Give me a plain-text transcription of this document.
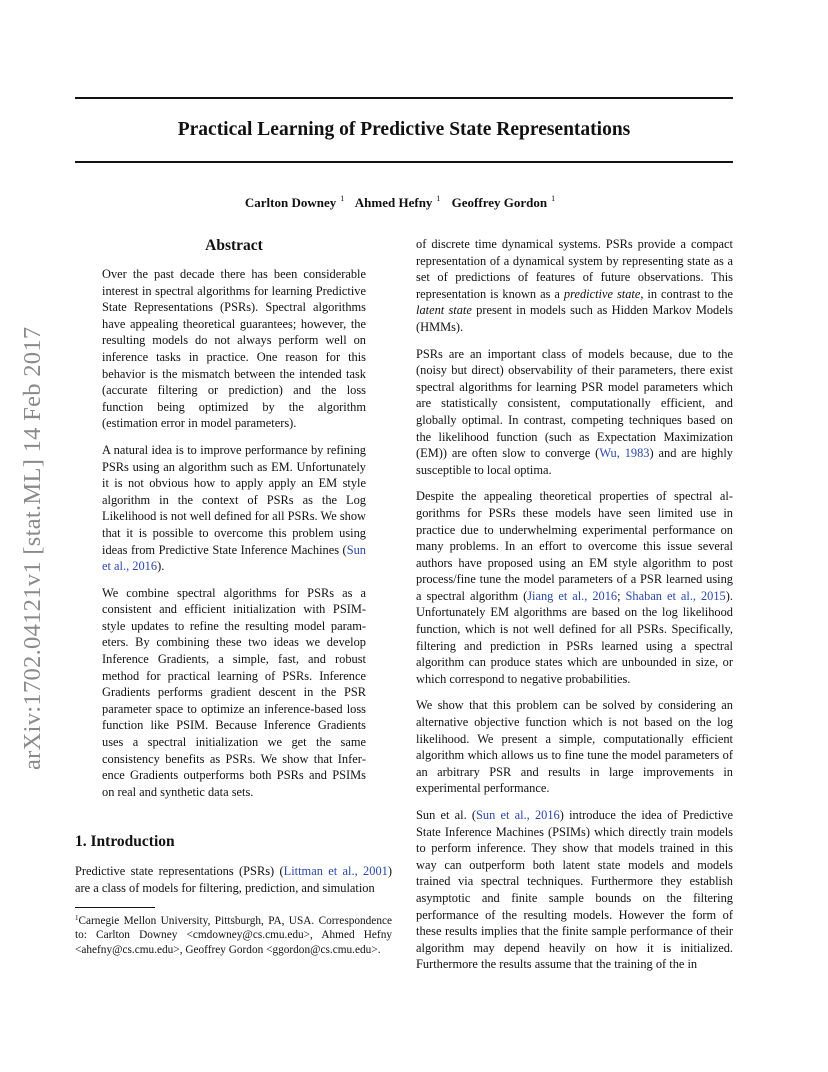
arXiv:1702.04121v1 [stat.ML] 14 Feb 2017
Practical Learning of Predictive State Representations
Carlton Downey $^1$ Ahmed Hefny $^1$ Geoffrey Gordon $^1$
Abstract

Over the past decade there has been considerable interest in spectral algorithms for learning Predictive State Representations (PSRs). Spectral algorithms have appealing theoretical guarantees; however, the resulting models do not always perform well on inference tasks in practice. One reason for this behavior is the mismatch between the intended task (accurate filtering or prediction) and the loss function being optimized by the algorithm (estimation error in model parameters).

A natural idea is to improve performance by refining PSRs using an algorithm such as EM. Unfortunately it is not obvious how to apply apply an EM style algorithm in the context of PSRs as the Log Likelihood is not well defined for all PSRs. We show that it is possible to overcome this problem using ideas from Predictive State Inference Machines (Sun et al., 2016).

We combine spectral algorithms for PSRs as a consistent and efficient initialization with PSIM-style updates to refine the resulting model parameters. By combining these two ideas we develop Inference Gradients, a simple, fast, and robust method for practical learning of PSRs. Inference Gradients performs gradient descent in the PSR parameter space to optimize an inference-based loss function like PSIM. Because Inference Gradients uses a spectral initialization we get the same consistency benefits as PSRs. We show that Inference Gradients outperforms both PSRs and PSIMs on real and synthetic data sets.

1. Introduction

Predictive state representations (PSRs) (Littman et al., 2001) are a class of models for filtering, prediction, and simulation

$^1$Carnegie Mellon University, Pittsburgh, PA, USA. Correspondence to: Carlton Downey <cmdowney@cs.cmu.edu>, Ahmed Hefny <ahefny@cs.cmu.edu>, Geoffrey Gordon <ggordon@cs.cmu.edu>.

of discrete time dynamical systems. PSRs provide a compact representation of a dynamical system by representing state as a set of predictions of features of future observations. This representation is known as a predictive state, in contrast to the latent state present in models such as Hidden Markov Models (HMMs).

PSRs are an important class of models because, due to the (noisy but direct) observability of their parameters, there exist spectral algorithms for learning PSR model parameters which are statistically consistent, computationally efficient, and globally optimal. In contrast, competing techniques based on the likelihood function (such as Expectation Maximization (EM)) are often slow to converge (Wu, 1983) and are highly susceptible to local optima.

Despite the appealing theoretical properties of spectral algorithms for PSRs these models have seen limited use in practice due to underwhelming experimental performance on many problems. In an effort to overcome this issue several authors have proposed using an EM style algorithm to post process/fine tune the model parameters of a PSR learned using a spectral algorithm (Jiang et al., 2016; Shaban et al., 2015). Unfortunately EM algorithms are based on the log likelihood function, which is not well defined for all PSRs. Specifically, filtering and prediction in PSRs learned using a spectral algorithm can produce states which are unbounded in size, or which correspond to negative probabilities.

We show that this problem can be solved by considering an alternative objective function which is not based on the log likelihood. We present a simple, computationally efficient algorithm which allows us to fine tune the model parameters of an arbitrary PSR and results in large improvements in experimental performance.

Sun et al. (Sun et al., 2016) introduce the idea of Predictive State Inference Machines (PSIMs) which directly train models to perform inference. They show that models trained in this way can outperform both latent state models and models trained via spectral techniques. Furthermore they establish asymptotic and finite sample bounds on the filtering performance of the resulting models. However the form of these results implies that the finite sample performance of their algorithm may depend heavily on how it is initialized. Furthermore the results assume that the training of the in
